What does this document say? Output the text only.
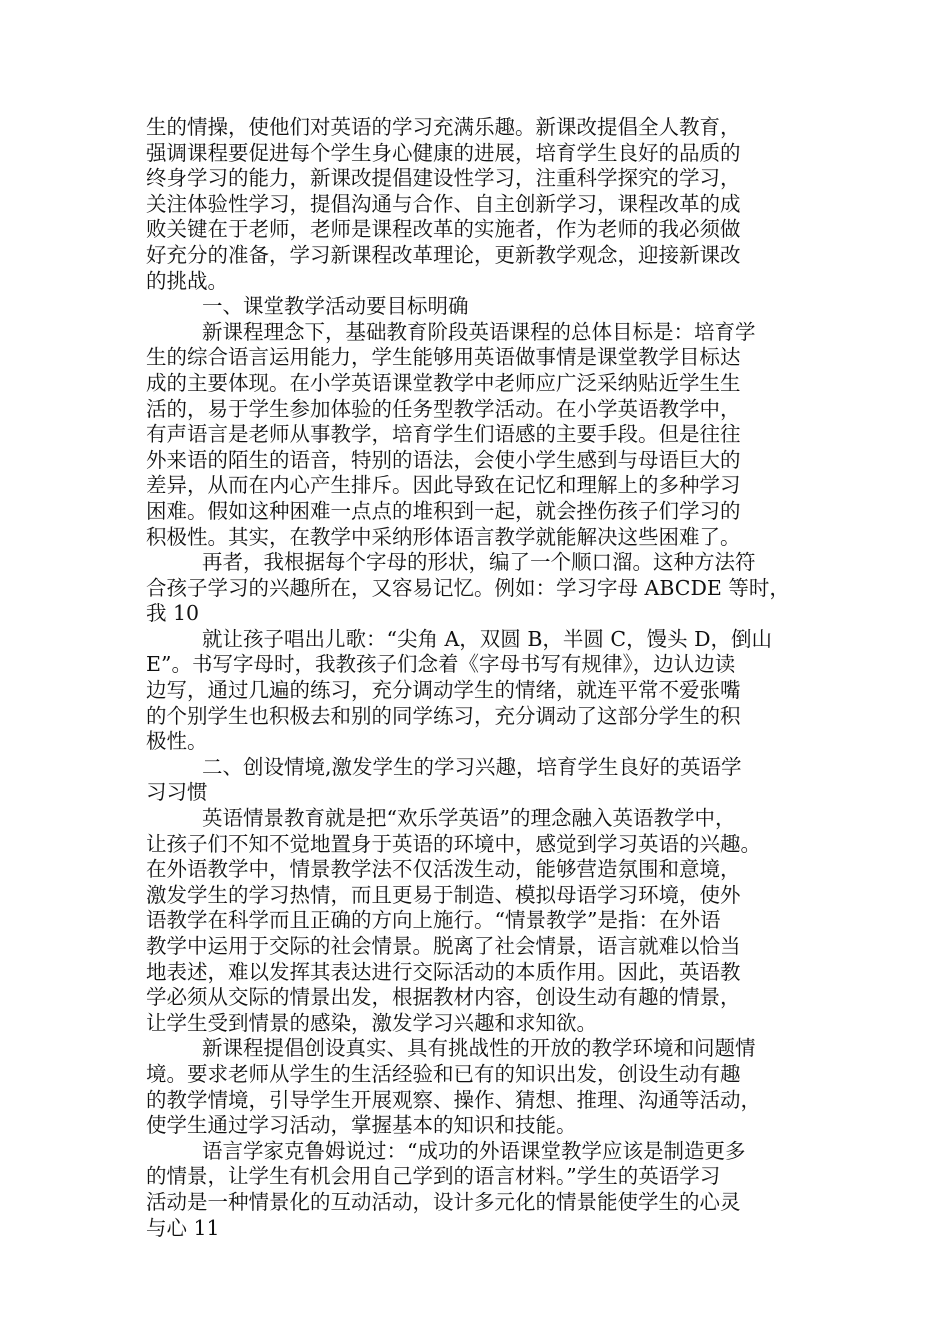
生的情操，使他们对英语的学习充满乐趣。新课改提倡全人教育，
强调课程要促进每个学生身心健康的进展，培育学生良好的品质的
终身学习的能力，新课改提倡建设性学习，注重科学探究的学习，
关注体验性学习，提倡沟通与合作、自主创新学习，课程改革的成
败关键在于老师，老师是课程改革的实施者，作为老师的我必须做
好充分的准备，学习新课程改革理论，更新教学观念，迎接新课改
的挑战。
一、课堂教学活动要目标明确
新课程理念下，基础教育阶段英语课程的总体目标是：培育学
生的综合语言运用能力，学生能够用英语做事情是课堂教学目标达
成的主要体现。在小学英语课堂教学中老师应广泛采纳贴近学生生
活的，易于学生参加体验的任务型教学活动。在小学英语教学中，
有声语言是老师从事教学，培育学生们语感的主要手段。但是往往
外来语的陌生的语音，特别的语法，会使小学生感到与母语巨大的
差异，从而在内心产生排斥。因此导致在记忆和理解上的多种学习
困难。假如这种困难一点点的堆积到一起，就会挫伤孩子们学习的
积极性。其实，在教学中采纳形体语言教学就能解决这些困难了。
再者，我根据每个字母的形状，编了一个顺口溜。这种方法符
合孩子学习的兴趣所在，又容易记忆。例如：学习字母 ABCDE 等时，
我 10
就让孩子唱出儿歌：“尖角 A，双圆 B，半圆 C，馒头 D，倒山
E”。书写字母时，我教孩子们念着《字母书写有规律》，边认边读
边写，通过几遍的练习，充分调动学生的情绪，就连平常不爱张嘴
的个别学生也积极去和别的同学练习，充分调动了这部分学生的积
极性。
二、创设情境,激发学生的学习兴趣，培育学生良好的英语学
习习惯
英语情景教育就是把“欢乐学英语”的理念融入英语教学中，
让孩子们不知不觉地置身于英语的环境中，感觉到学习英语的兴趣。
在外语教学中，情景教学法不仅活泼生动，能够营造氛围和意境，
激发学生的学习热情，而且更易于制造、模拟母语学习环境，使外
语教学在科学而且正确的方向上施行。“情景教学”是指：在外语
教学中运用于交际的社会情景。脱离了社会情景，语言就难以恰当
地表述，难以发挥其表达进行交际活动的本质作用。因此，英语教
学必须从交际的情景出发，根据教材内容，创设生动有趣的情景，
让学生受到情景的感染，激发学习兴趣和求知欲。
新课程提倡创设真实、具有挑战性的开放的教学环境和问题情
境。要求老师从学生的生活经验和已有的知识出发，创设生动有趣
的教学情境，引导学生开展观察、操作、猜想、推理、沟通等活动，
使学生通过学习活动，掌握基本的知识和技能。
语言学家克鲁姆说过：“成功的外语课堂教学应该是制造更多
的情景，让学生有机会用自己学到的语言材料。”学生的英语学习
活动是一种情景化的互动活动，设计多元化的情景能使学生的心灵
与心 11
